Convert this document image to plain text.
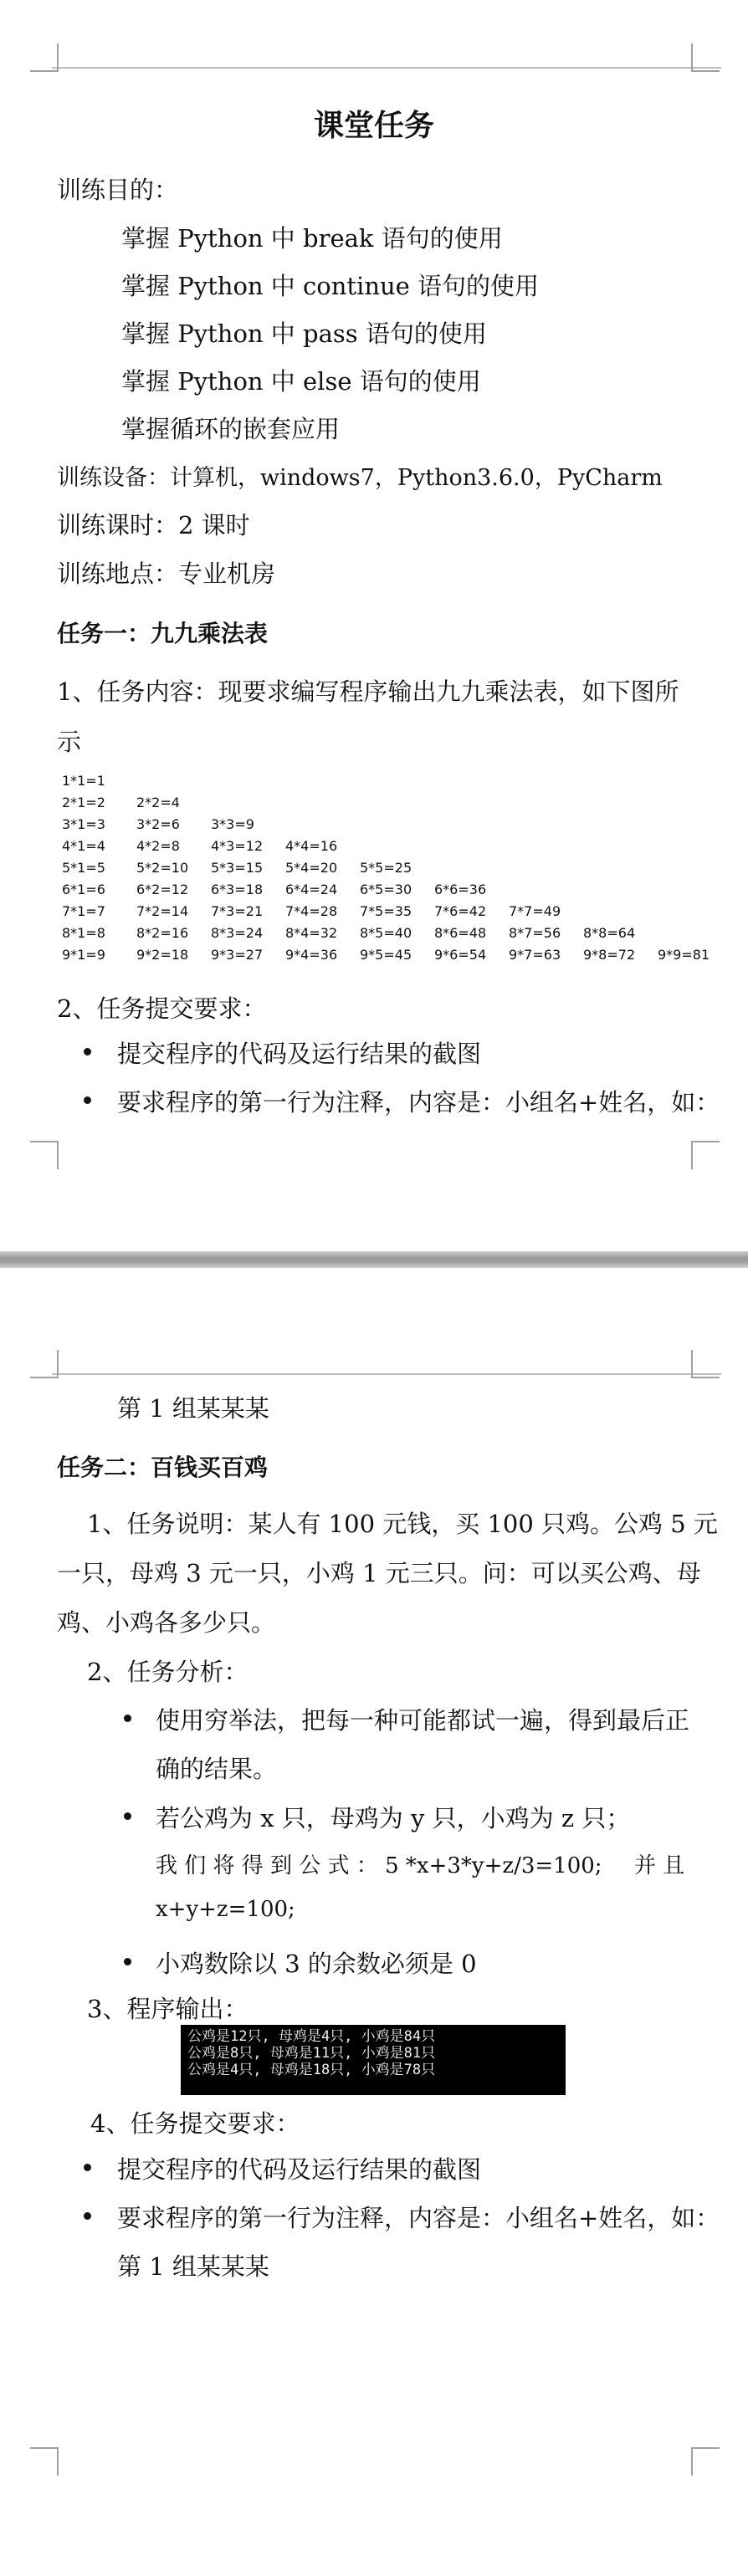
课堂任务
训练目的：
掌握 Python 中 break 语句的使用
掌握 Python 中 continue 语句的使用
掌握 Python 中 pass 语句的使用
掌握 Python 中 else 语句的使用
掌握循环的嵌套应用
训练设备：计算机，windows7，Python3.6.0，PyCharm
训练课时：2 课时
训练地点：专业机房
任务一：九九乘法表
1、任务内容：现要求编写程序输出九九乘法表，如下图所
示
1*1=1
2*1=2 2*2=4
3*1=3 3*2=6 3*3=9
4*1=4 4*2=8 4*3=12 4*4=16
5*1=5 5*2=10 5*3=15 5*4=20 5*5=25
6*1=6 6*2=12 6*3=18 6*4=24 6*5=30 6*6=36
7*1=7 7*2=14 7*3=21 7*4=28 7*5=35 7*6=42 7*7=49
8*1=8 8*2=16 8*3=24 8*4=32 8*5=40 8*6=48 8*7=56 8*8=64
9*1=9 9*2=18 9*3=27 9*4=36 9*5=45 9*6=54 9*7=63 9*8=72 9*9=81
2、任务提交要求：
提交程序的代码及运行结果的截图
要求程序的第一行为注释，内容是：小组名+姓名，如：
第 1 组某某某
任务二：百钱买百鸡
1、任务说明：某人有 100 元钱，买 100 只鸡。公鸡 5 元
一只，母鸡 3 元一只，小鸡 1 元三只。问：可以买公鸡、母
鸡、小鸡各多少只。
2、任务分析：
使用穷举法，把每一种可能都试一遍，得到最后正
确的结果。
若公鸡为 x 只，母鸡为 y 只，小鸡为 z 只；
我 们 将 得 到 公 式 ： 5 *x+3*y+z/3=100; 并 且
x+y+z=100;
小鸡数除以 3 的余数必须是 0
3、程序输出：
公鸡是12只, 母鸡是4只, 小鸡是84只
公鸡是8只, 母鸡是11只, 小鸡是81只
公鸡是4只, 母鸡是18只, 小鸡是78只
4、任务提交要求：
提交程序的代码及运行结果的截图
要求程序的第一行为注释，内容是：小组名+姓名，如：
第 1 组某某某
